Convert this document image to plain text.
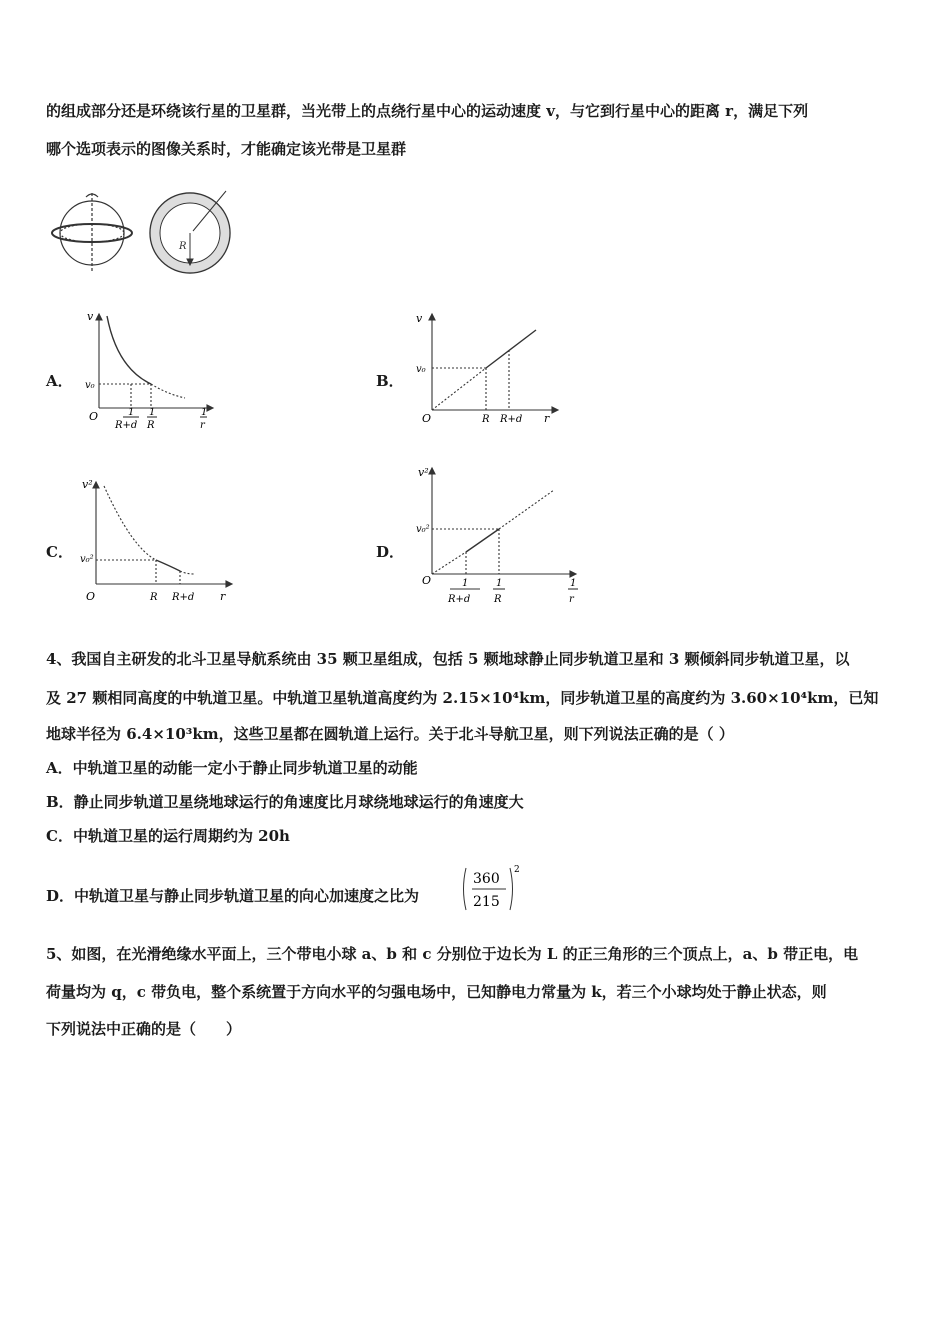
的组成部分还是环绕该行星的卫星群，当光带上的点绕行星中心的运动速度 v，与它到行星中心的距离 r，满足下列
哪个选项表示的图像关系时，才能确定该光带是卫星群
R
A．
v
v₀
O	1
R+d
1
R
1
r
B．
v
v₀
O	R R+d r
C．
v²
v₀²
O	R R+d r
D．
v²
v₀²
O	1
R+d
1
R
1
r
4、我国自主研发的北斗卫星导航系统由 35 颗卫星组成，包括 5 颗地球静止同步轨道卫星和 3 颗倾斜同步轨道卫星，以
及 27 颗相同高度的中轨道卫星。中轨道卫星轨道高度约为 2.15×10⁴km，同步轨道卫星的高度约为 3.60×10⁴km，已知
地球半径为 6.4×10³km，这些卫星都在圆轨道上运行。关于北斗导航卫星，则下列说法正确的是（ ）
A．中轨道卫星的动能一定小于静止同步轨道卫星的动能
B．静止同步轨道卫星绕地球运行的角速度比月球绕地球运行的角速度大
C．中轨道卫星的运行周期约为 20h
D．中轨道卫星与静止同步轨道卫星的向心加速度之比为
360
215
2
5、如图，在光滑绝缘水平面上，三个带电小球 a、b 和 c 分别位于边长为 L 的正三角形的三个顶点上，a、b 带正电，电
荷量均为 q，c 带负电，整个系统置于方向水平的匀强电场中，已知静电力常量为 k，若三个小球均处于静止状态，则
下列说法中正确的是（　　）
